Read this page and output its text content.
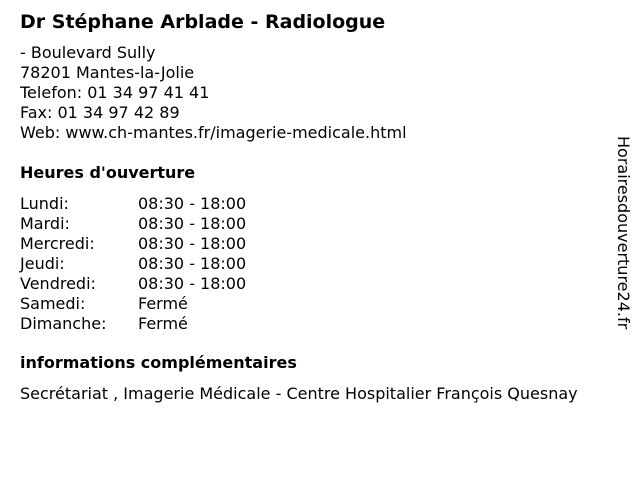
Dr Stéphane Arblade - Radiologue
- Boulevard Sully
78201 Mantes-la-Jolie
Telefon: 01 34 97 41 41
Fax: 01 34 97 42 89
Web: www.ch-mantes.fr/imagerie-medicale.html
Heures d'ouverture
Lundi:	08:30 - 18:00
Mardi:	08:30 - 18:00
Mercredi:	08:30 - 18:00
Jeudi:	08:30 - 18:00
Vendredi:	08:30 - 18:00
Samedi:	Fermé
Dimanche: Fermé
informations complémentaires
Secrétariat , Imagerie Médicale - Centre Hospitalier François Quesnay
Horairesdouverture24.fr
